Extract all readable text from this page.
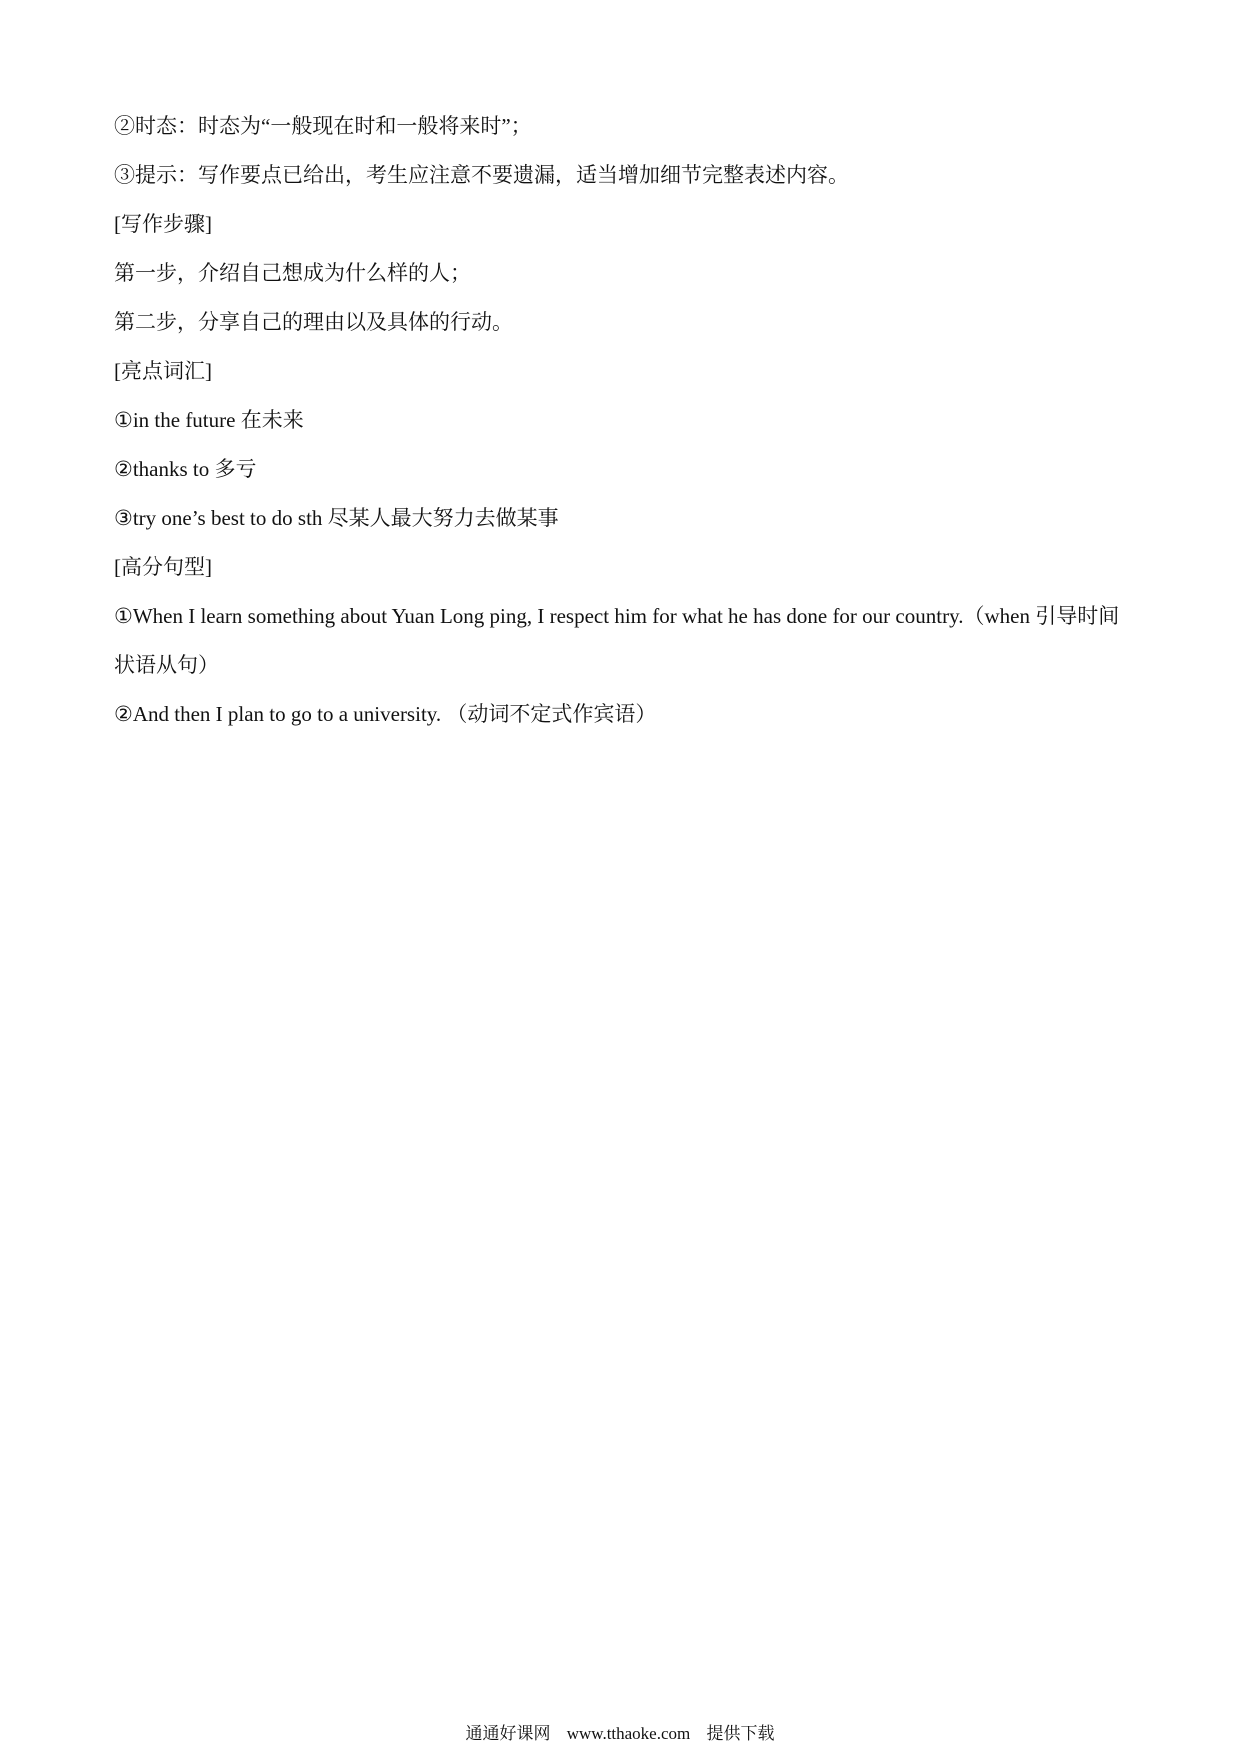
②时态：时态为“一般现在时和一般将来时”；
③提示：写作要点已给出，考生应注意不要遗漏，适当增加细节完整表述内容。
[写作步骤]
第一步，介绍自己想成为什么样的人；
第二步，分享自己的理由以及具体的行动。
[亮点词汇]
①in the future 在未来
②thanks to 多亏
③try one’s best to do sth 尽某人最大努力去做某事
[高分句型]
①When I learn something about Yuan Long ping, I respect him for what he has done for our country.（when 引导时间状语从句）
②And then I plan to go to a university. （动词不定式作宾语）
通通好课网 www.tthaoke.com 提供下载
